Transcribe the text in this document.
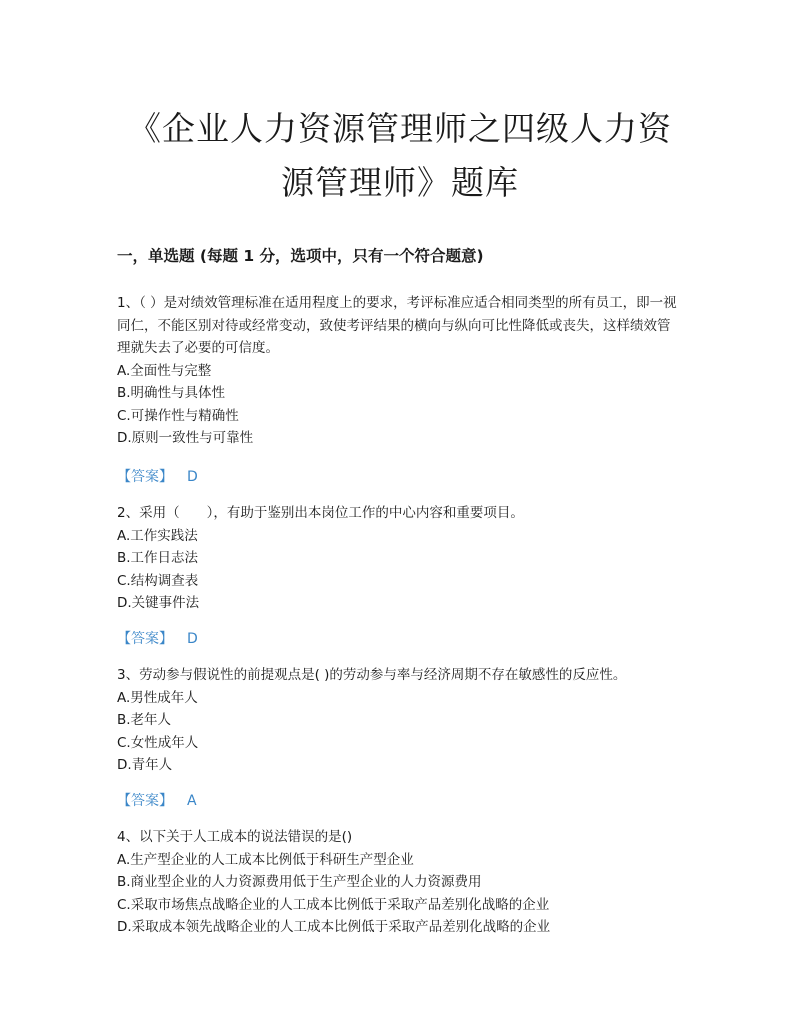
《企业人力资源管理师之四级人力资
源管理师》题库
一，单选题 (每题 1 分，选项中，只有一个符合题意)

1、（ ）是对绩效管理标准在适用程度上的要求，考评标准应适合相同类型的所有员工，即一视同仁，不能区别对待或经常变动，致使考评结果的横向与纵向可比性降低或丧失，这样绩效管理就失去了必要的可信度。

A.全面性与完整

B.明确性与具体性

C.可操作性与精确性

D.原则一致性与可靠性

【答案】 D

2、采用（　　），有助于鉴别出本岗位工作的中心内容和重要项目。

A.工作实践法

B.工作日志法

C.结构调查表

D.关键事件法

【答案】 D

3、劳动参与假说性的前提观点是( )的劳动参与率与经济周期不存在敏感性的反应性。

A.男性成年人

B.老年人

C.女性成年人

D.青年人

【答案】 A

4、以下关于人工成本的说法错误的是()

A.生产型企业的人工成本比例低于科研生产型企业

B.商业型企业的人力资源费用低于生产型企业的人力资源费用

C.采取市场焦点战略企业的人工成本比例低于采取产品差别化战略的企业

D.采取成本领先战略企业的人工成本比例低于采取产品差别化战略的企业
